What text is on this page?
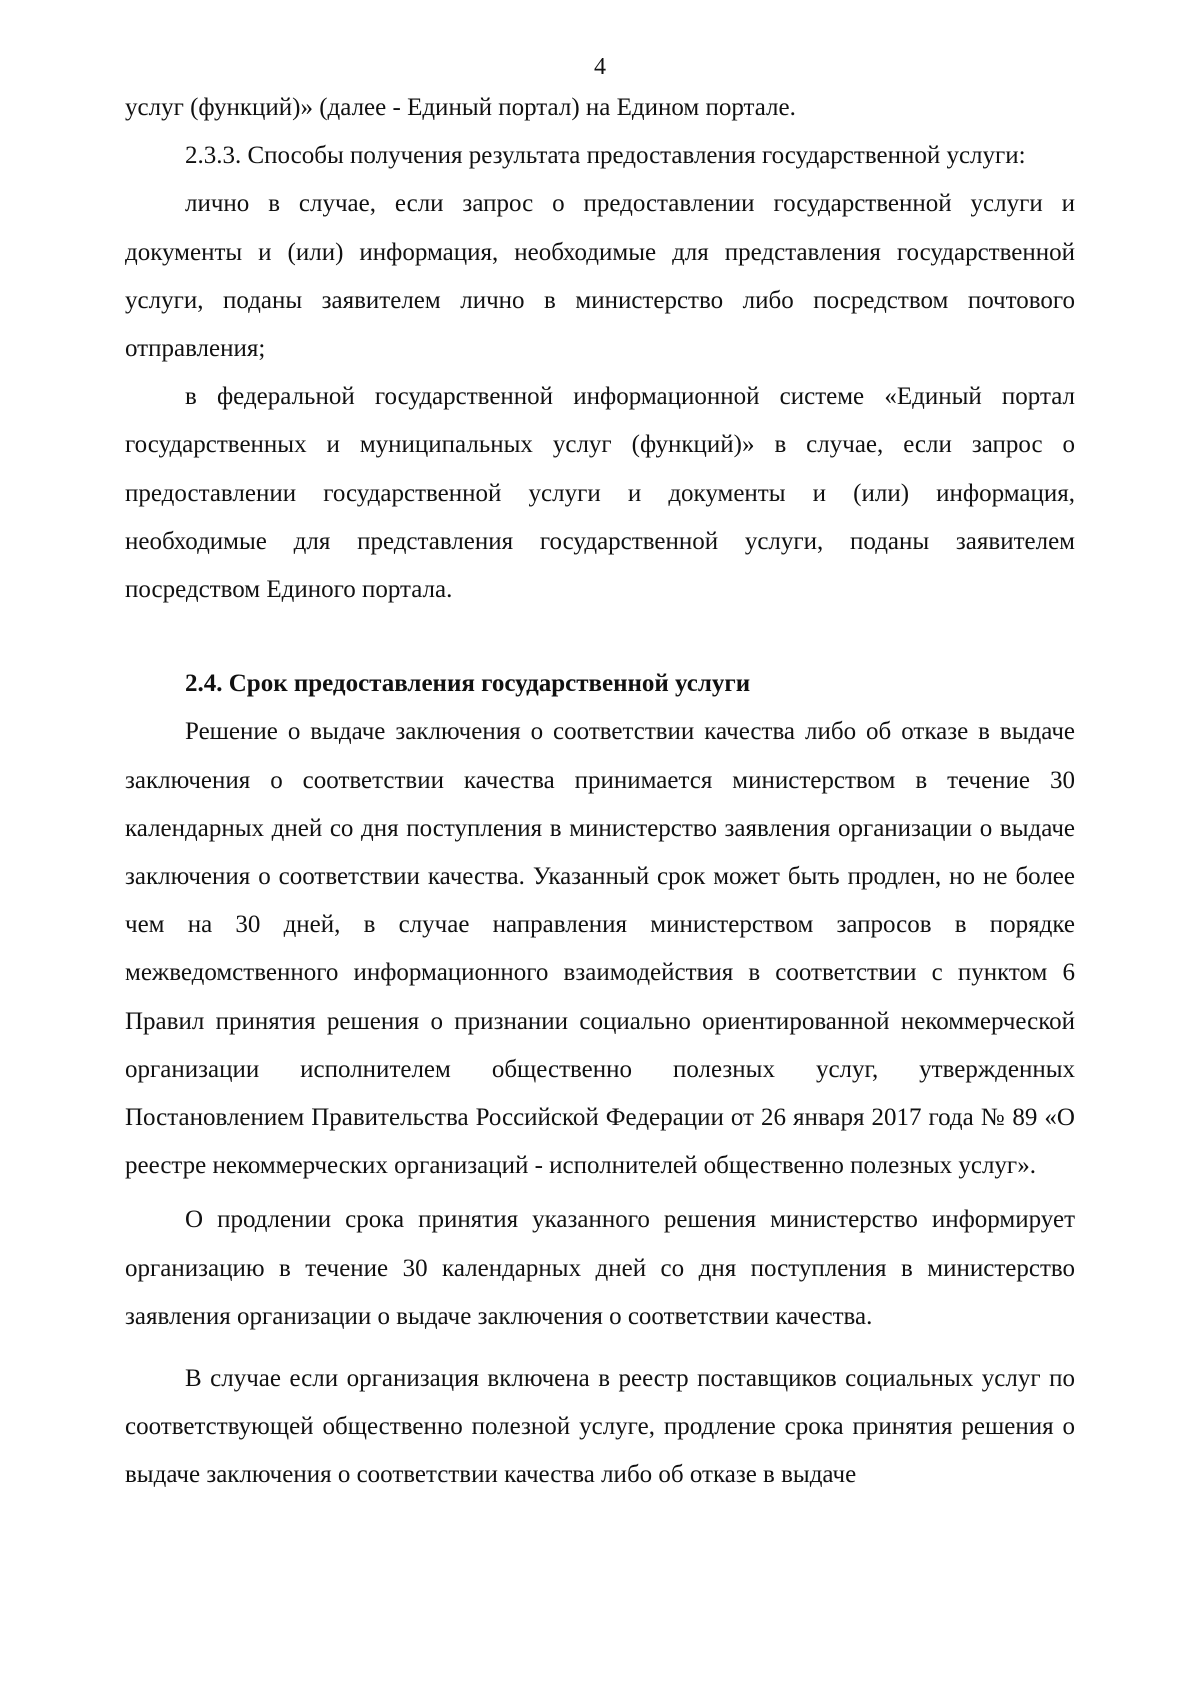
4

услуг (функций)» (далее - Единый портал) на Едином портале.

2.3.3. Способы получения результата предоставления государственной услуги:

лично в случае, если запрос о предоставлении государственной услуги и документы и (или) информация, необходимые для представления государственной услуги, поданы заявителем лично в министерство либо посредством почтового отправления;

в федеральной государственной информационной системе «Единый портал государственных и муниципальных услуг (функций)» в случае, если запрос о предоставлении государственной услуги и документы и (или) информация, необходимые для представления государственной услуги, поданы заявителем посредством Единого портала.

2.4. Срок предоставления государственной услуги

Решение о выдаче заключения о соответствии качества либо об отказе в выдаче заключения о соответствии качества принимается министерством в течение 30 календарных дней со дня поступления в министерство заявления организации о выдаче заключения о соответствии качества. Указанный срок может быть продлен, но не более чем на 30 дней, в случае направления министерством запросов в порядке межведомственного информационного взаимодействия в соответствии с пунктом 6 Правил принятия решения о признании социально ориентированной некоммерческой организации исполнителем общественно полезных услуг, утвержденных Постановлением Правительства Российской Федерации от 26 января 2017 года № 89 «О реестре некоммерческих организаций - исполнителей общественно полезных услуг».

О продлении срока принятия указанного решения министерство информирует организацию в течение 30 календарных дней со дня поступления в министерство заявления организации о выдаче заключения о соответствии качества.

В случае если организация включена в реестр поставщиков социальных услуг по соответствующей общественно полезной услуге, продление срока принятия решения о выдаче заключения о соответствии качества либо об отказе в выдаче
